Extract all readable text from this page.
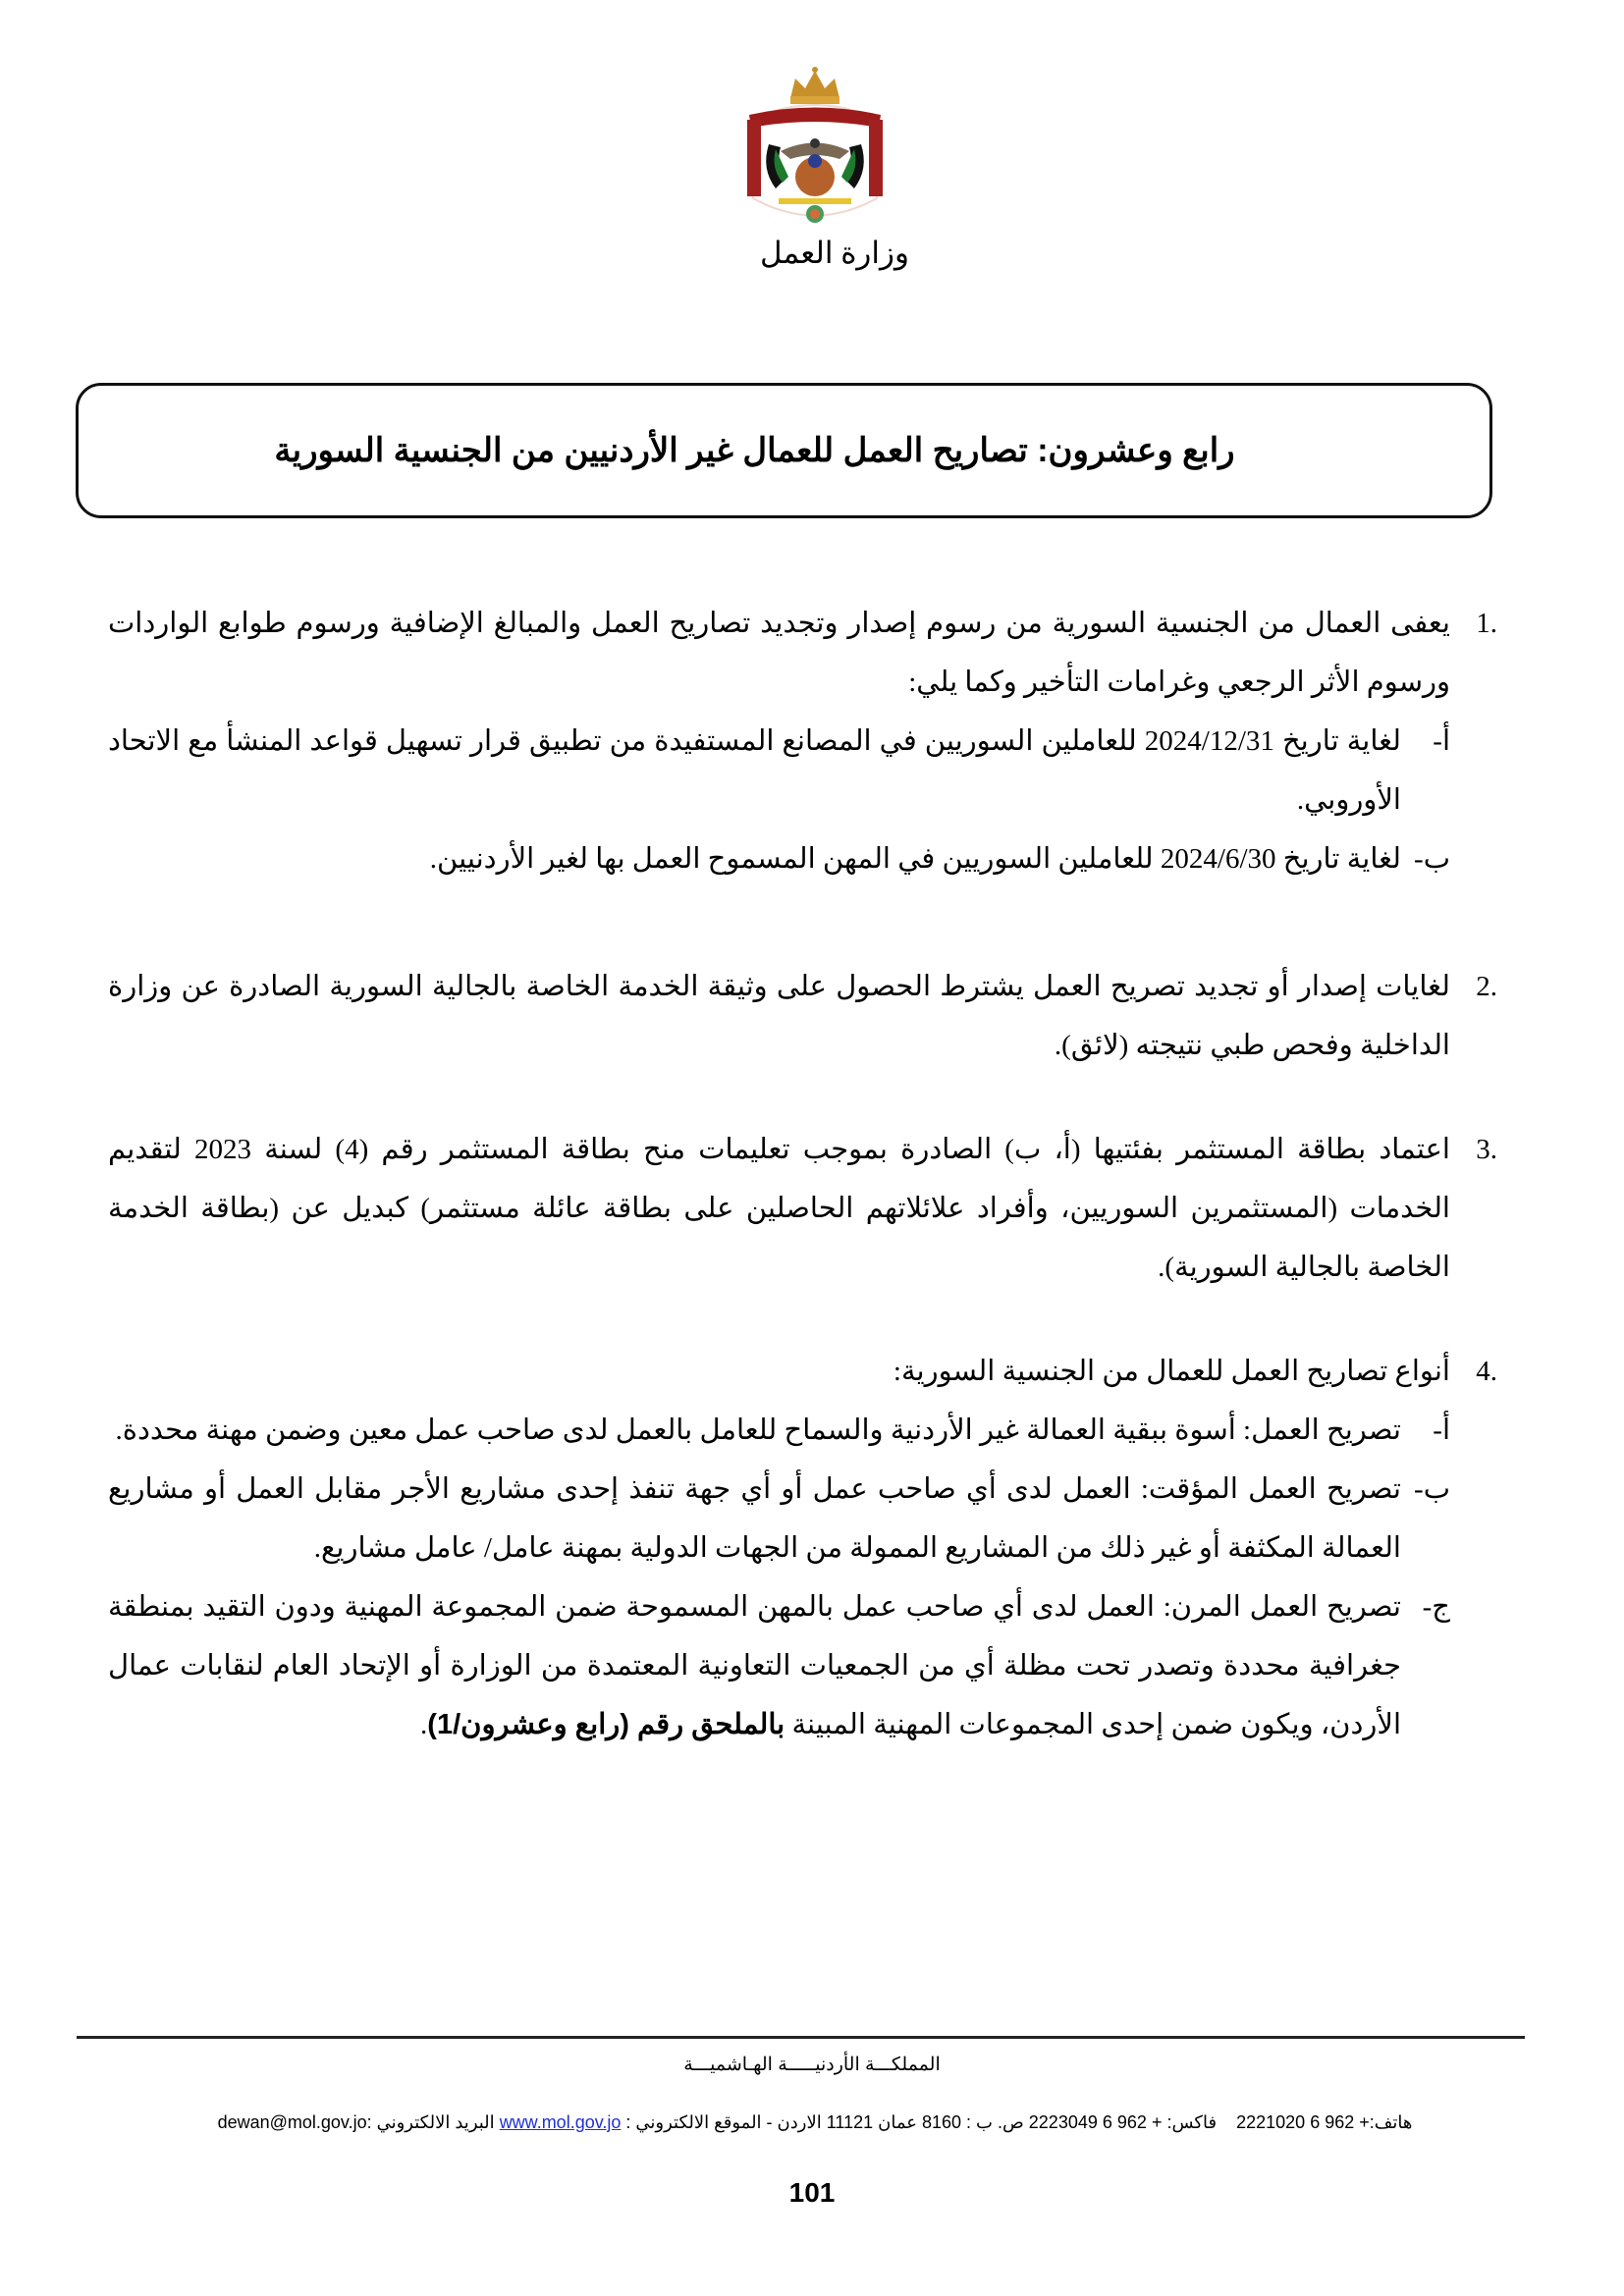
وزارة العمل
رابع وعشرون: تصاريح العمل للعمال غير الأردنيين من الجنسية السورية
1.
يعفى العمال من الجنسية السورية من رسوم إصدار وتجديد تصاريح العمل والمبالغ الإضافية ورسوم طوابع الواردات ورسوم الأثر الرجعي وغرامات التأخير وكما يلي:
أ-
لغاية تاريخ 2024/12/31 للعاملين السوريين في المصانع المستفيدة من تطبيق قرار تسهيل قواعد المنشأ مع الاتحاد الأوروبي.
ب-
لغاية تاريخ 2024/6/30 للعاملين السوريين في المهن المسموح العمل بها لغير الأردنيين.
2.
لغايات إصدار أو تجديد تصريح العمل يشترط الحصول على وثيقة الخدمة الخاصة بالجالية السورية الصادرة عن وزارة الداخلية وفحص طبي نتيجته (لائق).
3.
اعتماد بطاقة المستثمر بفئتيها (أ، ب) الصادرة بموجب تعليمات منح بطاقة المستثمر رقم (4) لسنة 2023 لتقديم الخدمات (المستثمرين السوريين، وأفراد علائلاتهم الحاصلين على بطاقة عائلة مستثمر) كبديل عن (بطاقة الخدمة الخاصة بالجالية السورية).
4.
أنواع تصاريح العمل للعمال من الجنسية السورية:
أ-
تصريح العمل: أسوة ببقية العمالة غير الأردنية والسماح للعامل بالعمل لدى صاحب عمل معين وضمن مهنة محددة.
ب-
تصريح العمل المؤقت: العمل لدى أي صاحب عمل أو أي جهة تنفذ إحدى مشاريع الأجر مقابل العمل أو مشاريع العمالة المكثفة أو غير ذلك من المشاريع الممولة من الجهات الدولية بمهنة عامل/ عامل مشاريع.
ج-
تصريح العمل المرن: العمل لدى أي صاحب عمل بالمهن المسموحة ضمن المجموعة المهنية ودون التقيد بمنطقة جغرافية محددة وتصدر تحت مظلة أي من الجمعيات التعاونية المعتمدة من الوزارة أو الإتحاد العام لنقابات عمال الأردن، ويكون ضمن إحدى المجموعات المهنية المبينة بالملحق رقم (رابع وعشرون/1).
المملكـــة الأردنيـــــة الهـاشميـــة
هاتف:+ 962 6 2221020    فاكس: + 962 6 2223049 ص. ب : 8160 عمان 11121 الاردن - الموقع الالكتروني : www.mol.gov.jo البريد الالكتروني :dewan@mol.gov.jo
101
